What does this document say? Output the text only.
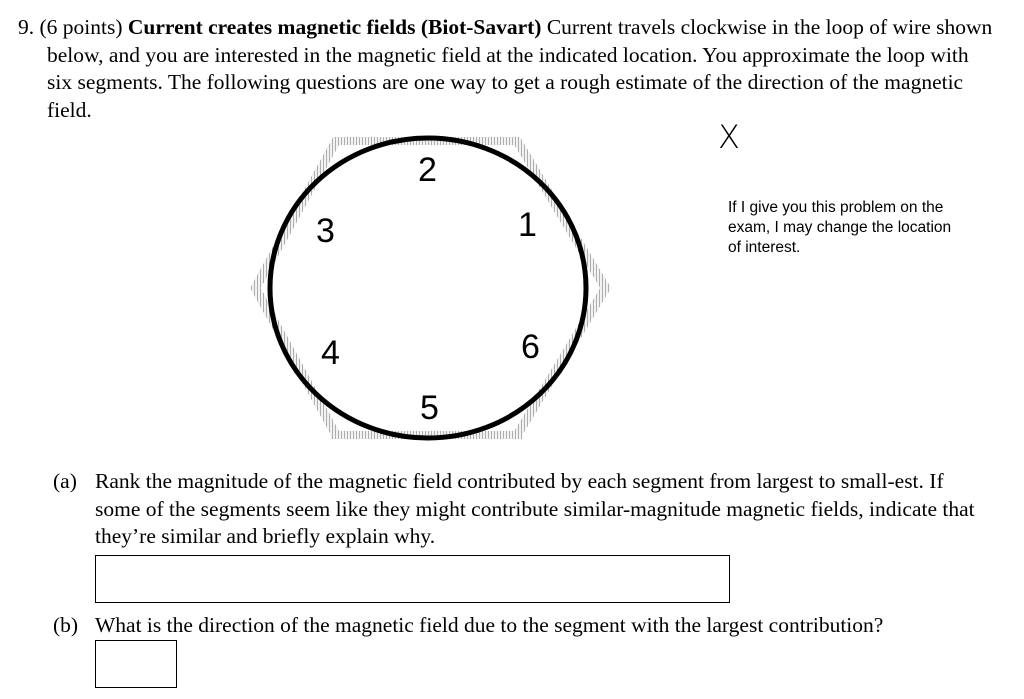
9. (6 points) Current creates magnetic fields (Biot-Savart) Current travels clockwise in the loop of wire shown below, and you are interested in the magnetic field at the indicated location. You approximate the loop with six segments. The following questions are one way to get a rough estimate of the direction of the magnetic field.
X
If I give you this problem on the exam, I may change the location of interest.
2
1
3
4	6
5
(a) Rank the magnitude of the magnetic field contributed by each segment from largest to small-est. If some of the segments seem like they might contribute similar-magnitude magnetic fields, indicate that they’re similar and briefly explain why.
(b) What is the direction of the magnetic field due to the segment with the largest contribution?
